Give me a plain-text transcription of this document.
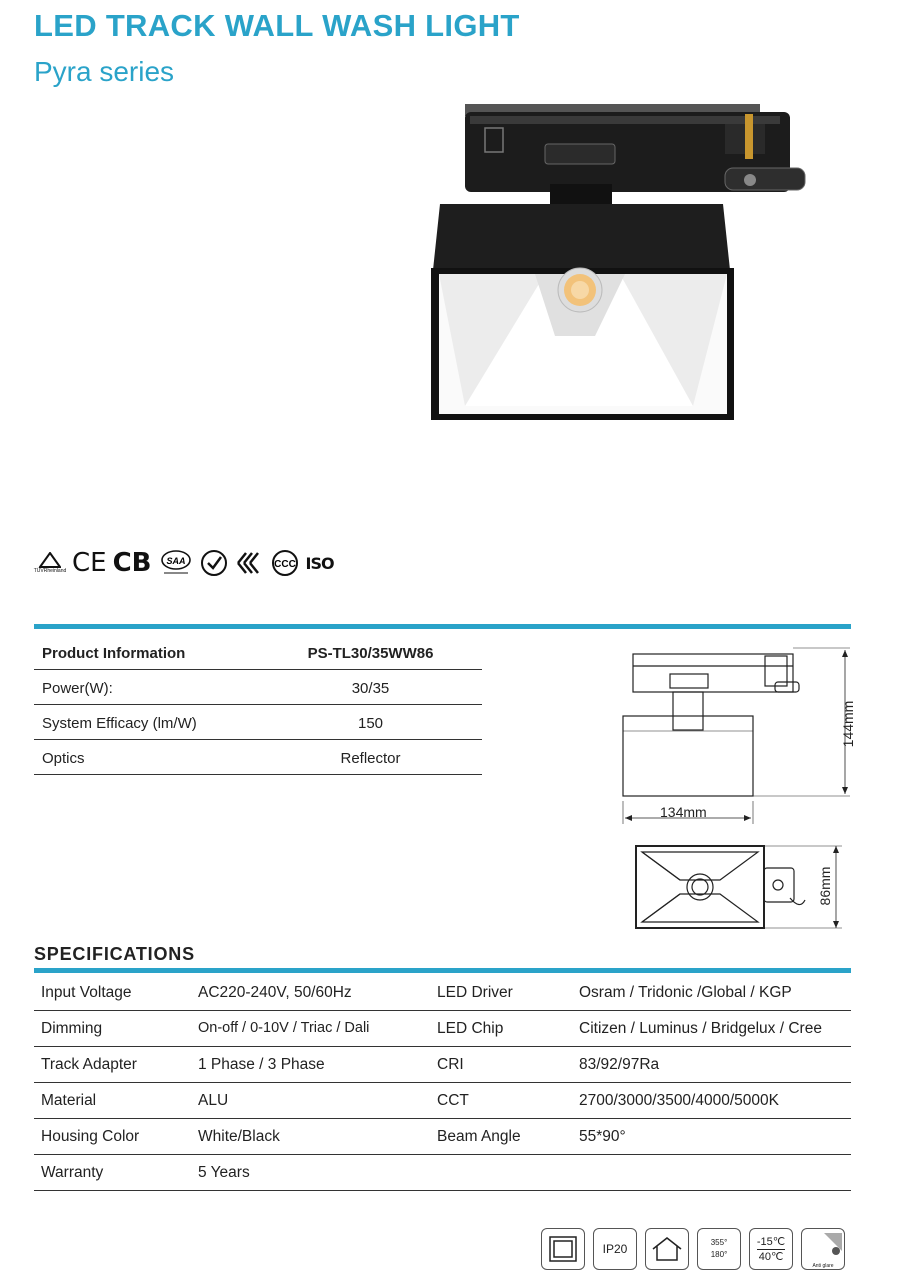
LED TRACK WALL WASH LIGHT
Pyra series
TÜVRheinland CE CB SAA	CCC ISO
Product Information	PS-TL30/35WW86
Power(W):	30/35
System Efficacy (lm/W)	150
Optics	Reflector
144mm
134mm
86mm
SPECIFICATIONS
Input Voltage	AC220-240V, 50/60Hz	LED Driver	Osram / Tridonic /Global / KGP
Dimming	On-off / 0-10V / Triac / Dali	LED Chip	Citizen / Luminus / Bridgelux / Cree
Track Adapter	1 Phase / 3 Phase	CRI	83/92/97Ra
Material	ALU	CCT	2700/3000/3500/4000/5000K
Housing Color	White/Black	Beam Angle	55*90°
Warranty	5 Years
IP20	355°
180°
-15℃
40℃
Anti glare
